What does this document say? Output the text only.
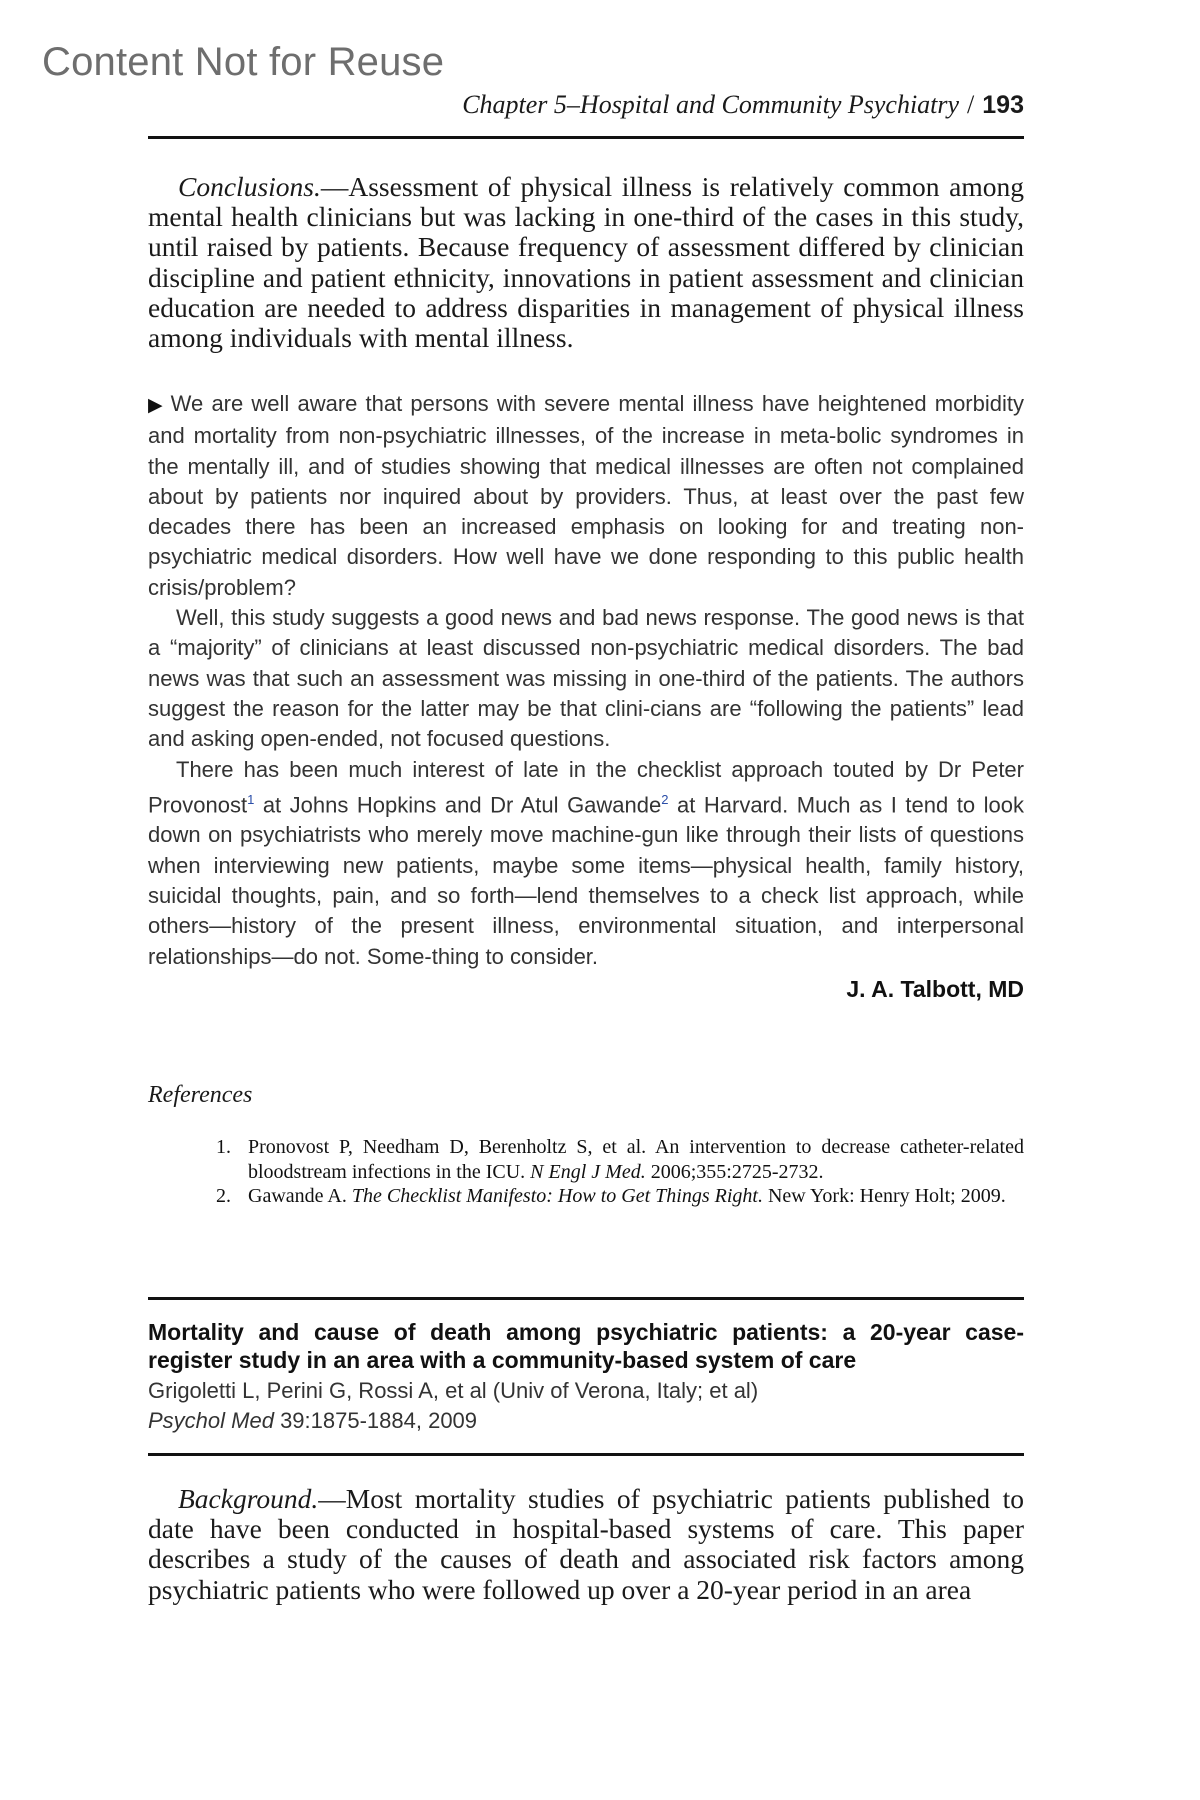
Content Not for Reuse
Chapter 5–Hospital and Community Psychiatry / 193

Conclusions.—Assessment of physical illness is relatively common among mental health clinicians but was lacking in one-third of the cases in this study, until raised by patients. Because frequency of assessment differed by clinician discipline and patient ethnicity, innovations in patient assessment and clinician education are needed to address disparities in management of physical illness among individuals with mental illness.

▶ We are well aware that persons with severe mental illness have heightened morbidity and mortality from non-psychiatric illnesses, of the increase in meta-bolic syndromes in the mentally ill, and of studies showing that medical illnesses are often not complained about by patients nor inquired about by providers. Thus, at least over the past few decades there has been an increased emphasis on looking for and treating non-psychiatric medical disorders. How well have we done responding to this public health crisis/problem?

Well, this study suggests a good news and bad news response. The good news is that a “majority” of clinicians at least discussed non-psychiatric medical disorders. The bad news was that such an assessment was missing in one-third of the patients. The authors suggest the reason for the latter may be that clini-cians are “following the patients” lead and asking open-ended, not focused questions.

There has been much interest of late in the checklist approach touted by Dr Peter Provonost$^1$ at Johns Hopkins and Dr Atul Gawande$^2$ at Harvard. Much as I tend to look down on psychiatrists who merely move machine-gun like through their lists of questions when interviewing new patients, maybe some items—physical health, family history, suicidal thoughts, pain, and so forth—lend themselves to a check list approach, while others—history of the present illness, environmental situation, and interpersonal relationships—do not. Some-thing to consider.

J. A. Talbott, MD
References
1. Pronovost P, Needham D, Berenholtz S, et al. An intervention to decrease catheter-related bloodstream infections in the ICU. N Engl J Med. 2006;355:2725-2732.
2. Gawande A. The Checklist Manifesto: How to Get Things Right. New York: Henry Holt; 2009.
Mortality and cause of death among psychiatric patients: a 20-year case-register study in an area with a community-based system of care
Grigoletti L, Perini G, Rossi A, et al (Univ of Verona, Italy; et al)
Psychol Med 39:1875-1884, 2009

Background.—Most mortality studies of psychiatric patients published to date have been conducted in hospital-based systems of care. This paper describes a study of the causes of death and associated risk factors among psychiatric patients who were followed up over a 20-year period in an area
